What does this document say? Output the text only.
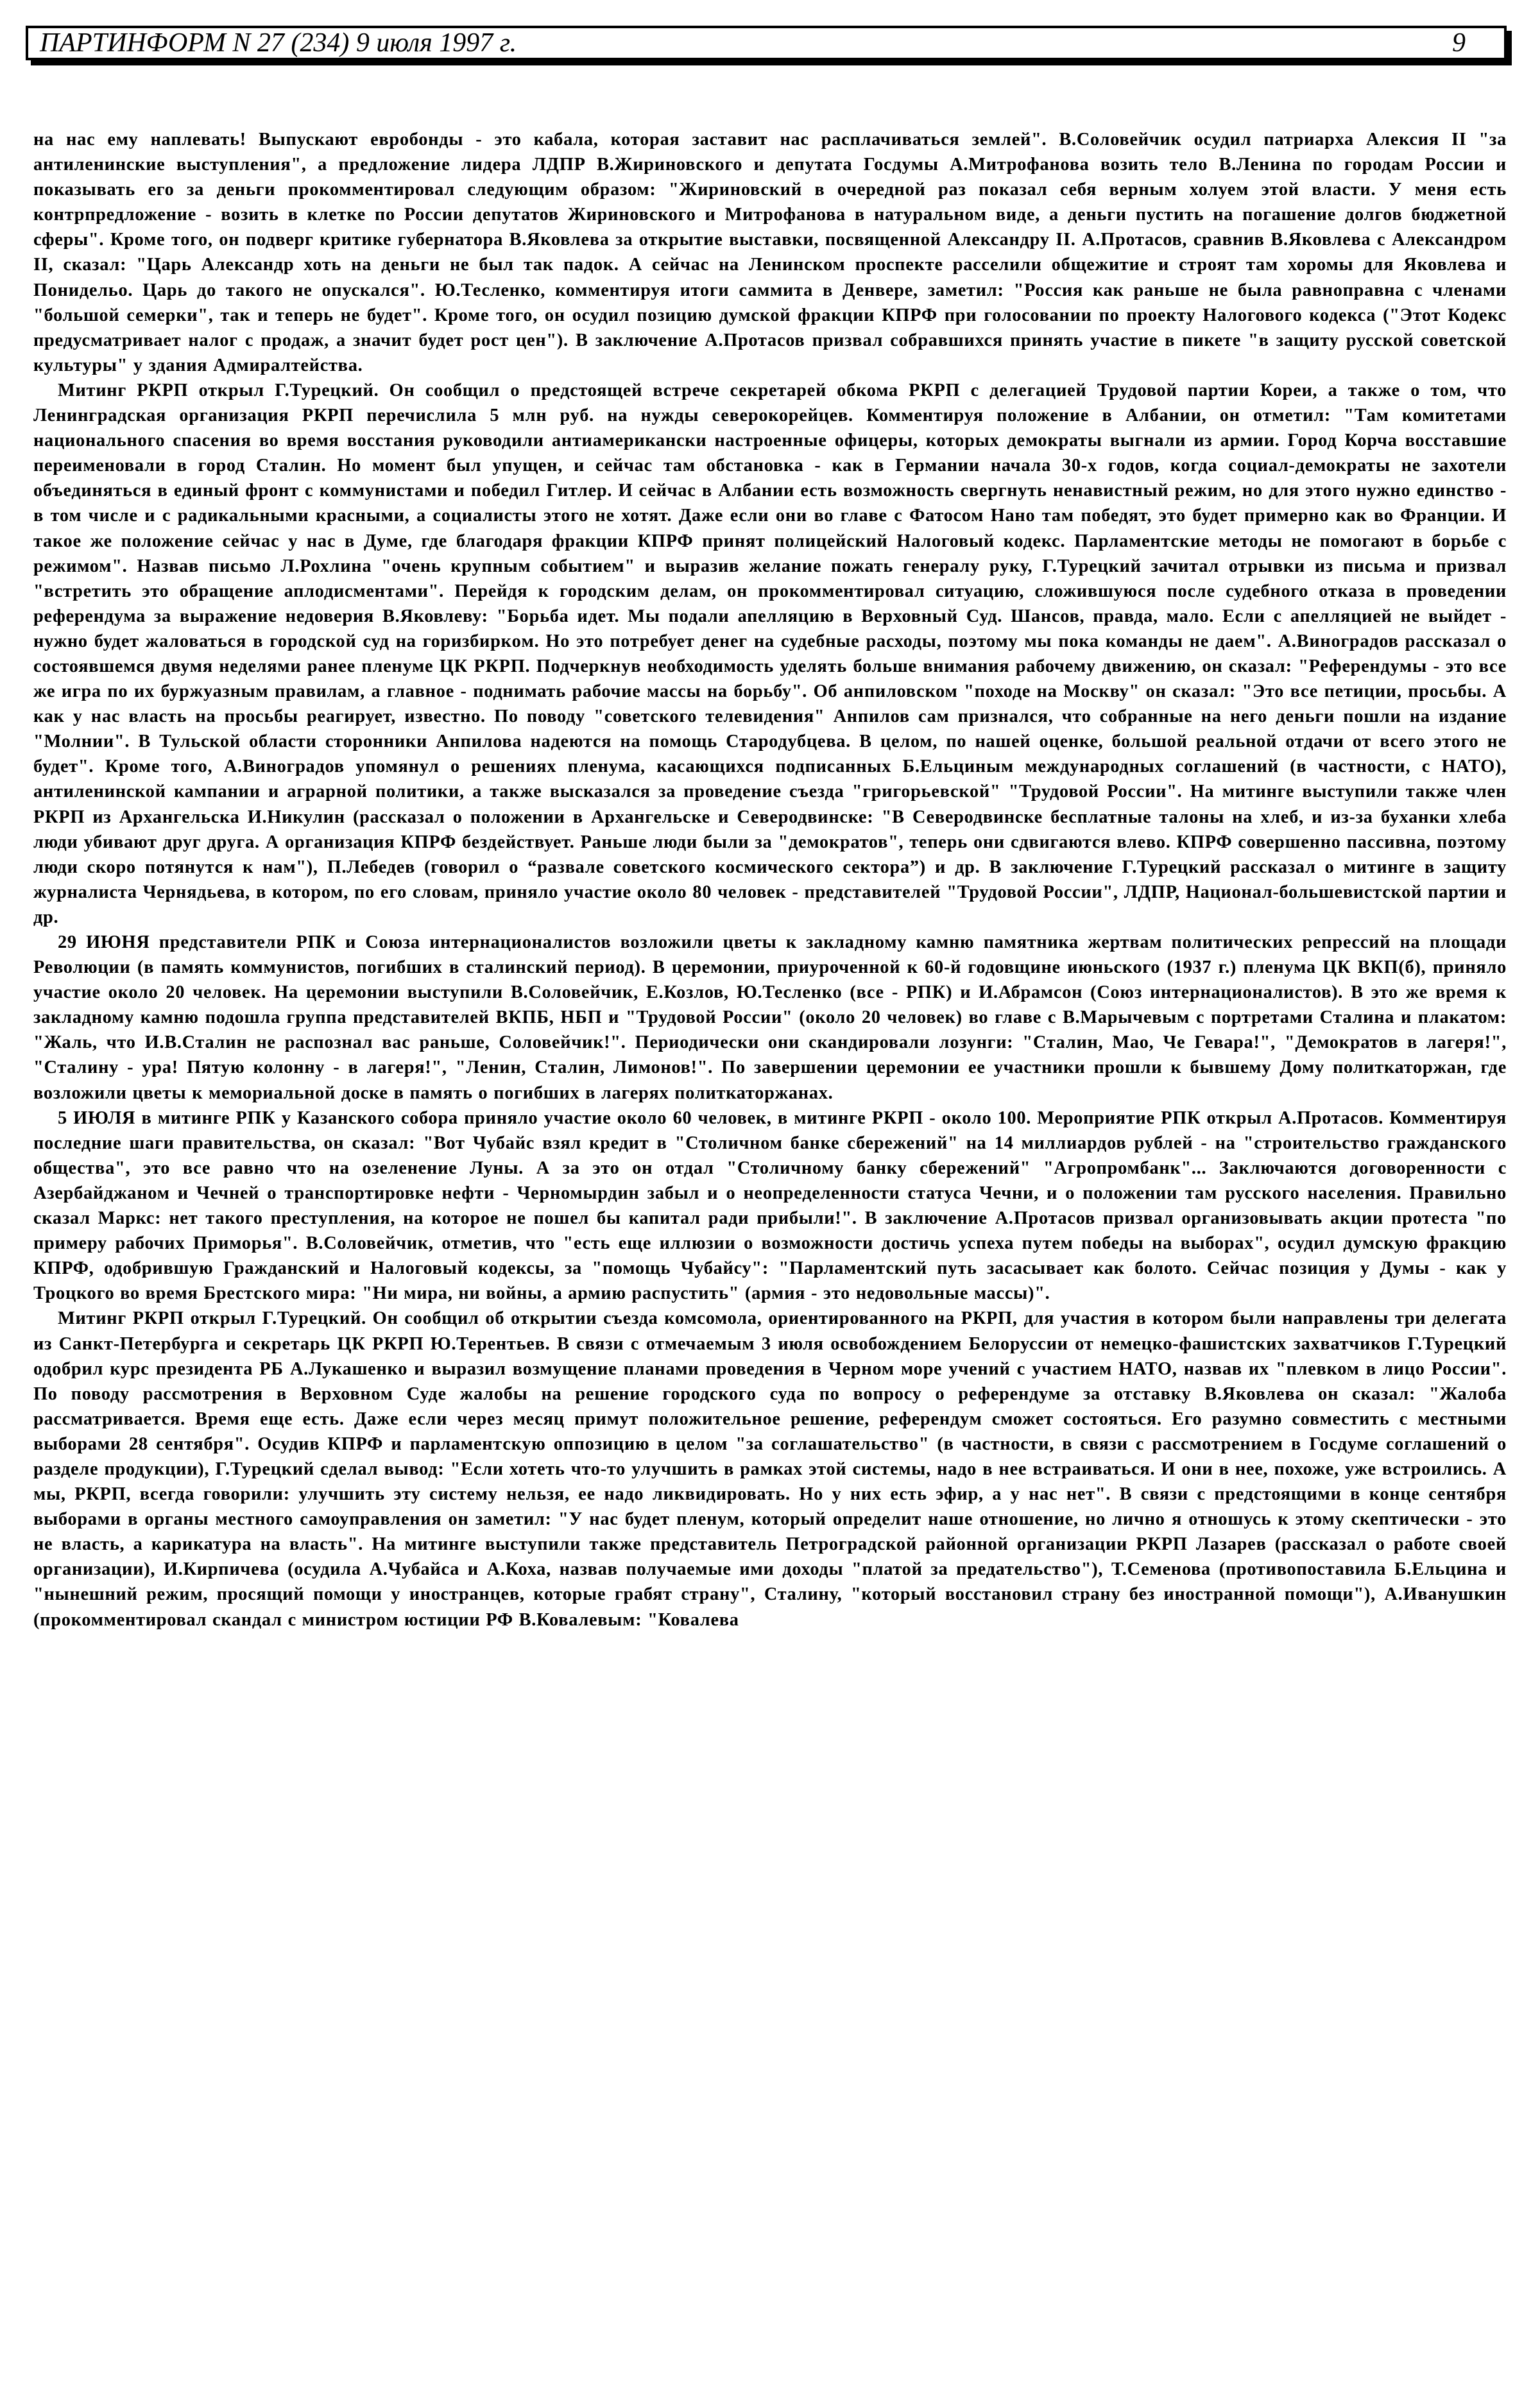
ПАРТИНФОРМ N 27 (234) 9 июля 1997 г.	9

на нас ему наплевать! Выпускают евробонды - это кабала, которая заставит нас расплачиваться землей". В.Соловейчик осудил патриарха Алексия II "за антиленинские выступления", а предложение лидера ЛДПР В.Жириновского и депутата Госдумы А.Митрофанова возить тело В.Ленина по городам России и показывать его за деньги прокомментировал следующим образом: "Жириновский в очередной раз показал себя верным холуем этой власти. У меня есть контрпредложение - возить в клетке по России депутатов Жириновского и Митрофанова в натуральном виде, а деньги пустить на погашение долгов бюджетной сферы". Кроме того, он подверг критике губернатора В.Яковлева за открытие выставки, посвященной Александру II. А.Протасов, сравнив В.Яковлева с Александром II, сказал: "Царь Александр хоть на деньги не был так падок. А сейчас на Ленинском проспекте расселили общежитие и строят там хоромы для Яковлева и Понидельо. Царь до такого не опускался". Ю.Тесленко, комментируя итоги саммита в Денвере, заметил: "Россия как раньше не была равноправна с членами "большой семерки", так и теперь не будет". Кроме того, он осудил позицию думской фракции КПРФ при голосовании по проекту Налогового кодекса ("Этот Кодекс предусматривает налог с продаж, а значит будет рост цен"). В заключение А.Протасов призвал собравшихся принять участие в пикете "в защиту русской советской культуры" у здания Адмиралтейства.

Митинг РКРП открыл Г.Турецкий. Он сообщил о предстоящей встрече секретарей обкома РКРП с делегацией Трудовой партии Кореи, а также о том, что Ленинградская организация РКРП перечислила 5 млн руб. на нужды северокорейцев. Комментируя положение в Албании, он отметил: "Там комитетами национального спасения во время восстания руководили антиамерикански настроенные офицеры, которых демократы выгнали из армии. Город Корча восставшие переименовали в город Сталин. Но момент был упущен, и сейчас там обстановка - как в Германии начала 30-х годов, когда социал-демократы не захотели объединяться в единый фронт с коммунистами и победил Гитлер. И сейчас в Албании есть возможность свергнуть ненавистный режим, но для этого нужно единство - в том числе и с радикальными красными, а социалисты этого не хотят. Даже если они во главе с Фатосом Нано там победят, это будет примерно как во Франции. И такое же положение сейчас у нас в Думе, где благодаря фракции КПРФ принят полицейский Налоговый кодекс. Парламентские методы не помогают в борьбе с режимом". Назвав письмо Л.Рохлина "очень крупным событием" и выразив желание пожать генералу руку, Г.Турецкий зачитал отрывки из письма и призвал "встретить это обращение аплодисментами". Перейдя к городским делам, он прокомментировал ситуацию, сложившуюся после судебного отказа в проведении референдума за выражение недоверия В.Яковлеву: "Борьба идет. Мы подали апелляцию в Верховный Суд. Шансов, правда, мало. Если с апелляцией не выйдет - нужно будет жаловаться в городской суд на горизбиркoм. Но это потребует денег на судебные расходы, поэтому мы пока команды не даем". А.Виноградов рассказал о состоявшемся двумя неделями ранее пленуме ЦК РКРП. Подчеркнув необходимость уделять больше внимания рабочему движению, он сказал: "Референдумы - это все же игра по их буржуазным правилам, а главное - поднимать рабочие массы на борьбу". Об анпиловском "походе на Москву" он сказал: "Это все петиции, просьбы. А как у нас власть на просьбы реагирует, известно. По поводу "советского телевидения" Анпилов сам признался, что собранные на него деньги пошли на издание "Молнии". В Тульской области сторонники Анпилова надеются на помощь Стародубцева. В целом, по нашей оценке, большой реальной отдачи от всего этого не будет". Кроме того, А.Виноградов упомянул о решениях пленума, касающихся подписанных Б.Ельциным международных соглашений (в частности, с НАТО), антиленинской кампании и аграрной политики, а также высказался за проведение съезда "григорьевской" "Трудовой России". На митинге выступили также член РКРП из Архангельска И.Никулин (рассказал о положении в Архангельске и Северодвинске: "В Северодвинске бесплатные талоны на хлеб, и из-за буханки хлеба люди убивают друг друга. А организация КПРФ бездействует. Раньше люди были за "демократов", теперь они сдвигаются влево. КПРФ совершенно пассивна, поэтому люди скоро потянутся к нам"), П.Лебедев (говорил о “развале советского космического сектора”) и др. В заключение Г.Турецкий рассказал о митинге в защиту журналиста Чернядьева, в котором, по его словам, приняло участие около 80 человек - представителей "Трудовой России", ЛДПР, Национал-большевистской партии и др.

29 ИЮНЯ представители РПК и Союза интернационалистов возложили цветы к закладному камню памятника жертвам политических репрессий на площади Революции (в память коммунистов, погибших в сталинский период). В церемонии, приуроченной к 60-й годовщине июньского (1937 г.) пленума ЦК ВКП(б), приняло участие около 20 человек. На церемонии выступили В.Соловейчик, Е.Козлов, Ю.Тесленко (все - РПК) и И.Абрамсон (Союз интернационалистов). В это же время к закладному камню подошла группа представителей ВКПБ, НБП и "Трудовой России" (около 20 человек) во главе с В.Марычевым с портретами Сталина и плакатом: "Жаль, что И.В.Сталин не распознал вас раньше, Соловейчик!". Периодически они скандировали лозунги: "Сталин, Мао, Че Гевара!", "Демократов в лагеря!", "Сталину - ура! Пятую колонну - в лагеря!", "Ленин, Сталин, Лимонов!". По завершении церемонии ее участники прошли к бывшему Дому политкаторжан, где возложили цветы к мемориальной доске в память о погибших в лагерях политкаторжанах.

5 ИЮЛЯ в митинге РПК у Казанского собора приняло участие около 60 человек, в митинге РКРП - около 100. Мероприятие РПК открыл А.Протасов. Комментируя последние шаги правительства, он сказал: "Вот Чубайс взял кредит в "Столичном банке сбережений" на 14 миллиардов рублей - на "строительство гражданского общества", это все равно что на озеленение Луны. А за это он отдал "Столичному банку сбережений" "Агропромбанк"... Заключаются договоренности с Азербайджаном и Чечней о транспортировке нефти - Черномырдин забыл и о неопределенности статуса Чечни, и о положении там русского населения. Правильно сказал Маркс: нет такого преступления, на которое не пошел бы капитал ради прибыли!". В заключение А.Протасов призвал организовывать акции протеста "по примеру рабочих Приморья". В.Соловейчик, отметив, что "есть еще иллюзии о возможности достичь успеха путем победы на выборах", осудил думскую фракцию КПРФ, одобрившую Гражданский и Налоговый кодексы, за "помощь Чубайсу": "Парламентский путь засасывает как болото. Сейчас позиция у Думы - как у Троцкого во время Брестского мира: "Ни мира, ни войны, а армию распустить" (армия - это недовольные массы)".

Митинг РКРП открыл Г.Турецкий. Он сообщил об открытии съезда комсомола, ориентированного на РКРП, для участия в котором были направлены три делегата из Санкт-Петербурга и секретарь ЦК РКРП Ю.Терентьев. В связи с отмечаемым 3 июля освобождением Белоруссии от немецко-фашистских захватчиков Г.Турецкий одобрил курс президента РБ А.Лукашенко и выразил возмущение планами проведения в Черном море учений с участием НАТО, назвав их "плевком в лицо России". По поводу рассмотрения в Верховном Суде жалобы на решение городского суда по вопросу о референдуме за отставку В.Яковлева он сказал: "Жалоба рассматривается. Время еще есть. Даже если через месяц примут положительное решение, референдум сможет состояться. Его разумно совместить с местными выборами 28 сентября". Осудив КПРФ и парламентскую оппозицию в целом "за соглашательство" (в частности, в связи с рассмотрением в Госдуме соглашений о разделе продукции), Г.Турецкий сделал вывод: "Если хотеть что-то улучшить в рамках этой системы, надо в нее встраиваться. И они в нее, похоже, уже встроились. А мы, РКРП, всегда говорили: улучшить эту систему нельзя, ее надо ликвидировать. Но у них есть эфир, а у нас нет". В связи с предстоящими в конце сентября выборами в органы местного самоуправления он заметил: "У нас будет пленум, который определит наше отношение, но лично я отношусь к этому скептически - это не власть, а карикатура на власть". На митинге выступили также представитель Петроградской районной организации РКРП Лазарев (рассказал о работе своей организации), И.Кирпичева (осудила А.Чубайса и А.Коха, назвав получаемые ими доходы "платой за предательство"), Т.Семенова (противопоставила Б.Ельцина и "нынешний режим, просящий помощи у иностранцев, которые грабят страну", Сталину, "который восстановил страну без иностранной помощи"), А.Иванушкин (прокомментировал скандал с министром юстиции РФ В.Ковалевым: "Ковалева
